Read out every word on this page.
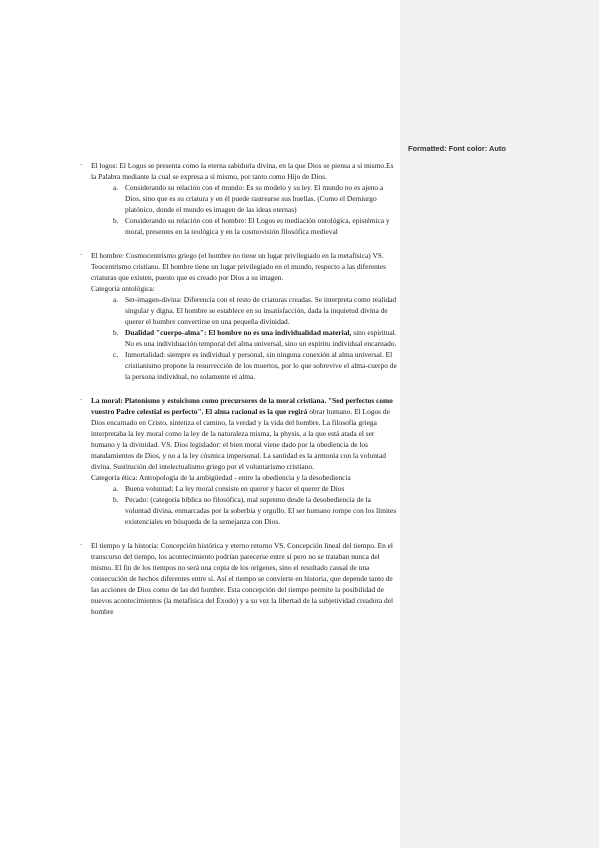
Formatted: Font color: Auto
-	El logos: El Logos se presenta como la eterna sabiduría divina, en la que Dios se piensa a sí mismo.Es la Palabra mediante la cual se expresa a sí mismo, por tanto como Hijo de Dios.

a. Considerando su relación con el mundo: Es su modelo y su ley. El mundo no es ajeno a Dios, sino que es su criatura y en él puede rastrearse sus huellas. (Como el Demiurgo platónico, donde el mundo es imagen de las ideas eternas)
b. Considerando su relación con el hombre: El Logos es mediación ontológica, epistémica y moral, presentes en la teológica y en la cosmovisión filosófica medieval
-	El hombre: Cosmocentrismo griego (el hombre no tiene un lugar privilegiado en la metafísica) VS. Teocentrismo cristiano. El hombre tiene un lugar privilegiado en el mundo, respecto a las diferentes criaturas que existen, puesto que es creado por Dios a su imagen.

Categoría ontológica:

a. Ser-imagen-divina: Diferencia con el resto de criaturas creadas. Se interpreta como realidad singular y digna. El hombre se establece en su insatisfacción, dada la inquietud divina de querer el hombre convertirse en una pequeña divinidad.
b. Dualidad "cuerpo-alma": El hombre no es una individualidad material, sino espiritual. No es una individuación temporal del alma universal, sino un espíritu individual encarnado.
c. Inmortalidad: siempre es individual y personal, sin ninguna conexión al alma universal. El cristianismo propone la resurrección de los muertos, por lo que sobrevive el alma-cuerpo de la persona individual, no solamente el alma.
-	La moral: Platonismo y estoicismo como precursores de la moral cristiana. "Sed perfectos como vuestro Padre celestial es perfecto". El alma racional es la que regirá obrar humano. El Logos de Dios encarnado en Cristo, sintetiza el camino, la verdad y la vida del hombre. La filosofía griega interpretaba la ley moral como la ley de la naturaleza misma, la physis, a la que está atada el ser humano y la divinidad. VS. Dios legislador: el bien moral viene dado por la obediencia de los mandamientos de Dios, y no a la ley cósmica impersonal. La santidad es la armonía con la voluntad divina. Sustitución del intelectualismo griego por el voluntarismo cristiano.

Categoría ética: Antropología de la ambigüedad - entre la obediencia y la desobediencia

a. Buena voluntad: La ley moral consiste en querer y hacer el querer de Dios
b. Pecado: (categoría bíblica no filosófica), mal supremo desde la desobediencia de la voluntad divina, enmarcadas por la soberbia y orgullo. El ser humano rompe con los límites existenciales en búsqueda de la semejanza con Dios.
-	El tiempo y la historia: Concepción histórica y eterno retorno VS. Concepción lineal del tiempo. En el transcurso del tiempo, los acontecimiento podrían parecerse entre sí pero no se trataban nunca del mismo. El fin de los tiempos no será una copia de los orígenes, sino el resultado causal de una consecución de hechos diferentes entre sí. Así el tiempo se convierte en historia, que depende tanto de las acciones de Dios como de las del hombre. Esta concepción del tiempo permite la posibilidad de nuevos acontecimientos (la metafísica del Éxodo) y a su vez la libertad de la subjetividad creadora del hombre
